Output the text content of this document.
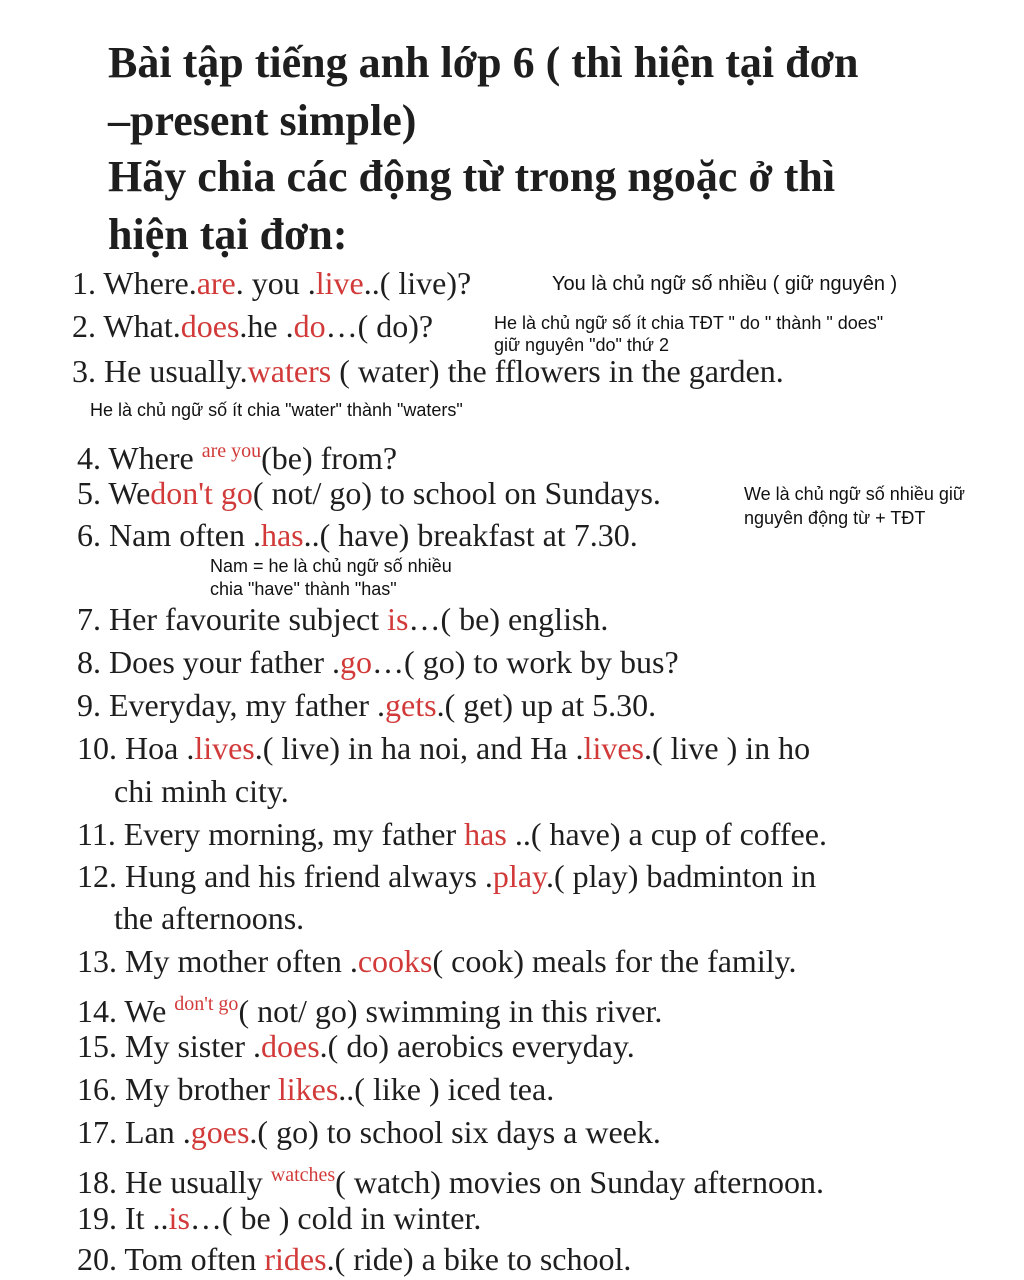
Bài tập tiếng anh lớp 6 ( thì hiện tại đơn
–present simple)
Hãy chia các động từ trong ngoặc ở thì
hiện tại đơn:
1. Where.are. you .live..( live)?	You là chủ ngữ số nhiều ( giữ nguyên )
2. What.does.he .do…( do)?	He là chủ ngữ số ít chia TĐT " do " thành " does"
giữ nguyên "do" thứ 2
3. He usually.waters ( water) the fflowers in the garden.
He là chủ ngữ số ít chia "water" thành "waters"
4. Where $^{are you}$(be) from?
5. Wedon't go( not/ go) to school on Sundays.	We là chủ ngữ số nhiều giữ
nguyên động từ + TĐT
6. Nam often .has..( have) breakfast at 7.30.
Nam = he là chủ ngữ số nhiều
chia "have" thành "has"
7. Her favourite subject is…( be) english.
8. Does your father .go…( go) to work by bus?
9. Everyday, my father .gets.( get) up at 5.30.
10. Hoa .lives.( live) in ha noi, and Ha .lives.( live ) in ho
chi minh city.
11. Every morning, my father has ..( have) a cup of coffee.
12. Hung and his friend always .play.( play) badminton in
the afternoons.
13. My mother often .cooks( cook) meals for the family.
14. We $^{don't go}$( not/ go) swimming in this river.
15. My sister .does.( do) aerobics everyday.
16. My brother likes..( like ) iced tea.
17. Lan .goes.( go) to school six days a week.
18. He usually $^{watches}$( watch) movies on Sunday afternoon.
19. It ..is…( be ) cold in winter.
20. Tom often rides.( ride) a bike to school.
